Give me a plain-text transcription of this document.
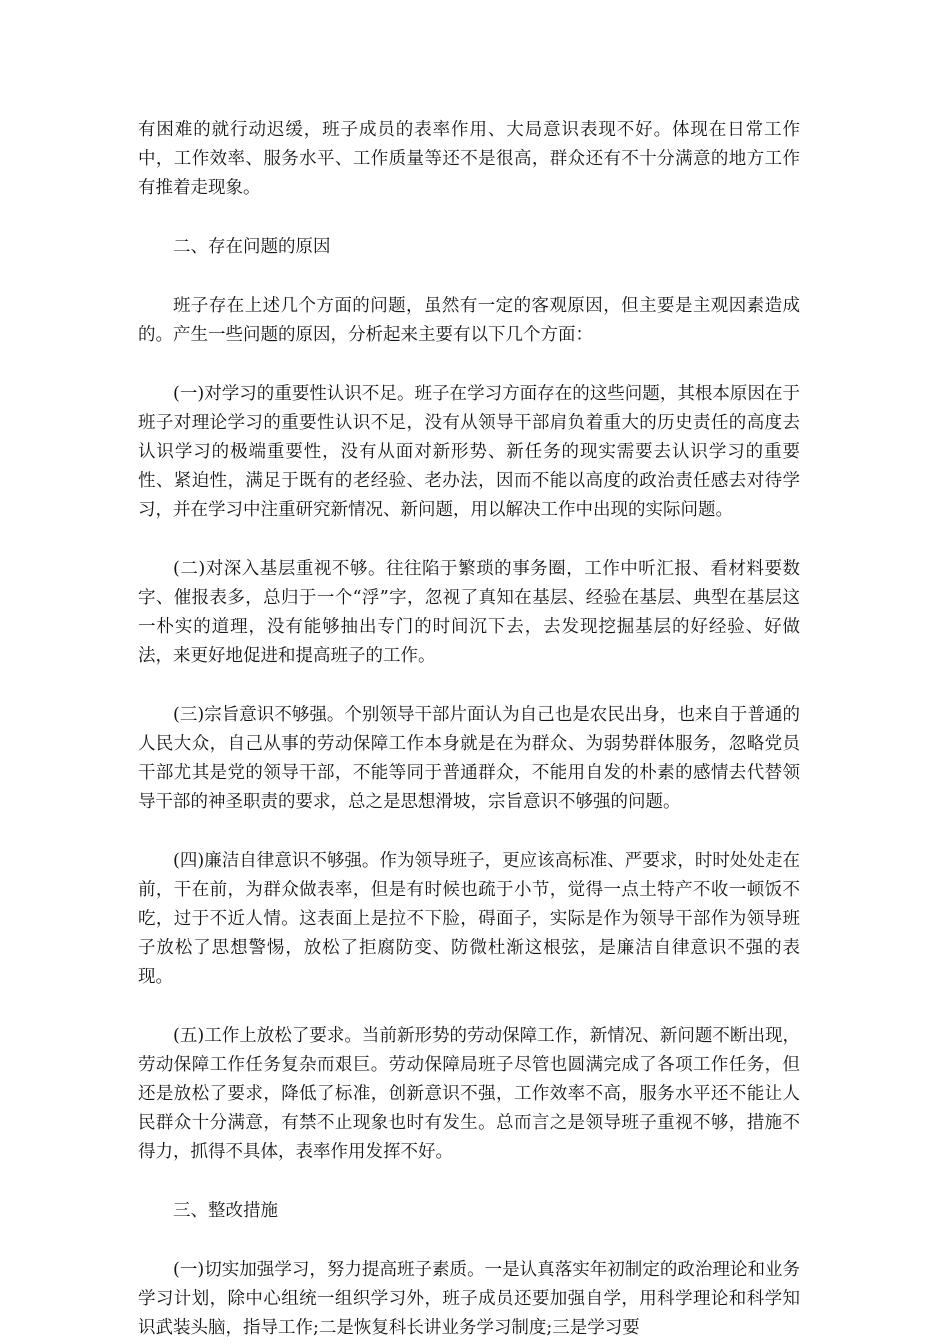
有困难的就行动迟缓，班子成员的表率作用、大局意识表现不好。体现在日常工作中，工作效率、服务水平、工作质量等还不是很高，群众还有不十分满意的地方工作有推着走现象。

二、存在问题的原因

班子存在上述几个方面的问题，虽然有一定的客观原因，但主要是主观因素造成的。产生一些问题的原因，分析起来主要有以下几个方面：

(一)对学习的重要性认识不足。班子在学习方面存在的这些问题，其根本原因在于班子对理论学习的重要性认识不足，没有从领导干部肩负着重大的历史责任的高度去认识学习的极端重要性，没有从面对新形势、新任务的现实需要去认识学习的重要性、紧迫性，满足于既有的老经验、老办法，因而不能以高度的政治责任感去对待学习，并在学习中注重研究新情况、新问题，用以解决工作中出现的实际问题。

(二)对深入基层重视不够。往往陷于繁琐的事务圈，工作中听汇报、看材料要数字、催报表多，总归于一个“浮”字，忽视了真知在基层、经验在基层、典型在基层这一朴实的道理，没有能够抽出专门的时间沉下去，去发现挖掘基层的好经验、好做法，来更好地促进和提高班子的工作。

(三)宗旨意识不够强。个别领导干部片面认为自己也是农民出身，也来自于普通的人民大众，自己从事的劳动保障工作本身就是在为群众、为弱势群体服务，忽略党员干部尤其是党的领导干部，不能等同于普通群众，不能用自发的朴素的感情去代替领导干部的神圣职责的要求，总之是思想滑坡，宗旨意识不够强的问题。

(四)廉洁自律意识不够强。作为领导班子，更应该高标准、严要求，时时处处走在前，干在前，为群众做表率，但是有时候也疏于小节，觉得一点土特产不收一顿饭不吃，过于不近人情。这表面上是拉不下脸，碍面子，实际是作为领导干部作为领导班子放松了思想警惕，放松了拒腐防变、防微杜渐这根弦，是廉洁自律意识不强的表现。

(五)工作上放松了要求。当前新形势的劳动保障工作，新情况、新问题不断出现，劳动保障工作任务复杂而艰巨。劳动保障局班子尽管也圆满完成了各项工作任务，但还是放松了要求，降低了标准，创新意识不强，工作效率不高，服务水平还不能让人民群众十分满意，有禁不止现象也时有发生。总而言之是领导班子重视不够，措施不得力，抓得不具体，表率作用发挥不好。

三、整改措施

(一)切实加强学习，努力提高班子素质。一是认真落实年初制定的政治理论和业务学习计划，除中心组统一组织学习外，班子成员还要加强自学，用科学理论和科学知识武装头脑，指导工作;二是恢复科长讲业务学习制度;三是学习要
